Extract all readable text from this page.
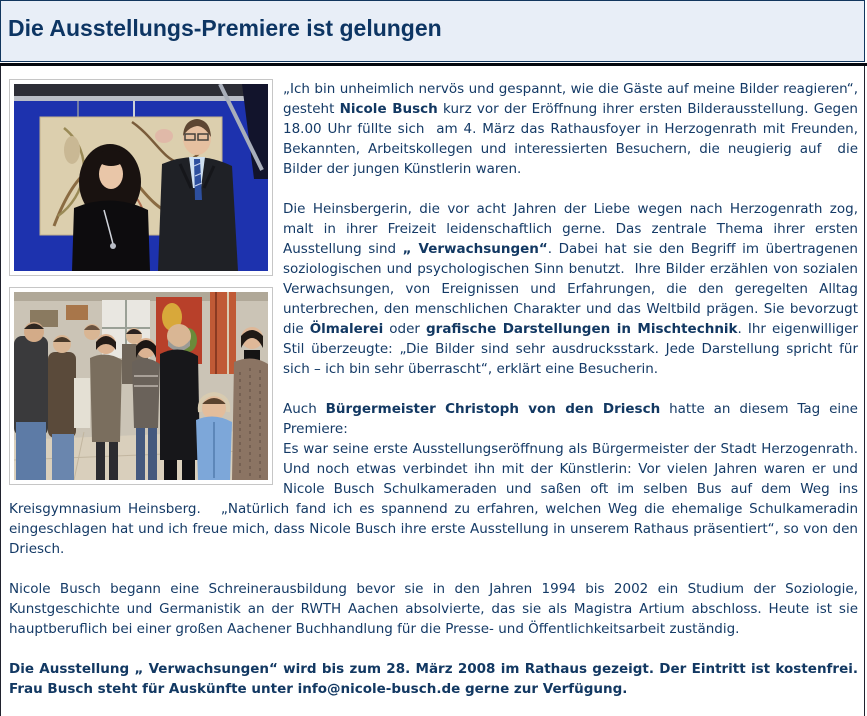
Die Ausstellungs-Premiere ist gelungen

„Ich bin unheimlich nervös und gespannt, wie die Gäste auf meine Bilder reagieren“, gesteht Nicole Busch kurz vor der Eröffnung ihrer ersten Bilderausstellung. Gegen 18.00 Uhr füllte sich  am 4. März das Rathausfoyer in Herzogenrath mit Freunden, Bekannten, Arbeitskollegen und interessierten Besuchern, die neugierig auf  die Bilder der jungen Künstlerin waren.

Die Heinsbergerin, die vor acht Jahren der Liebe wegen nach Herzogenrath zog, malt in ihrer Freizeit leidenschaftlich gerne. Das zentrale Thema ihrer ersten Ausstellung sind „ Verwachsungen“. Dabei hat sie den Begriff im übertragenen soziologischen und psychologischen Sinn benutzt.  Ihre Bilder erzählen von sozialen Verwachsungen, von Ereignissen und Erfahrungen, die den geregelten Alltag unterbrechen, den menschlichen Charakter und das Weltbild prägen. Sie bevorzugt die Ölmalerei oder grafische Darstellungen in Mischtechnik. Ihr eigenwilliger Stil überzeugte: „Die Bilder sind sehr ausdrucksstark. Jede Darstellung spricht für sich – ich bin sehr überrascht“, erklärt eine Besucherin.

Auch Bürgermeister Christoph von den Driesch hatte an diesem Tag eine Premiere:
Es war seine erste Ausstellungseröffnung als Bürgermeister der Stadt Herzogenrath. Und noch etwas verbindet ihn mit der Künstlerin: Vor vielen Jahren waren er und Nicole Busch Schulkameraden und saßen oft im selben Bus auf dem Weg ins Kreisgymnasium Heinsberg.   „Natürlich fand ich es spannend zu erfahren, welchen Weg die ehemalige Schulkameradin eingeschlagen hat und ich freue mich, dass Nicole Busch ihre erste Ausstellung in unserem Rathaus präsentiert“, so von den Driesch.

Nicole Busch begann eine Schreinerausbildung bevor sie in den Jahren 1994 bis 2002 ein Studium der Soziologie, Kunstgeschichte und Germanistik an der RWTH Aachen absolvierte, das sie als Magistra Artium abschloss. Heute ist sie hauptberuflich bei einer großen Aachener Buchhandlung für die Presse- und Öffentlichkeitsarbeit zuständig.

Die Ausstellung „ Verwachsungen“ wird bis zum 28. März 2008 im Rathaus gezeigt. Der Eintritt ist kostenfrei. Frau Busch steht für Auskünfte unter info@nicole-busch.de gerne zur Verfügung.
